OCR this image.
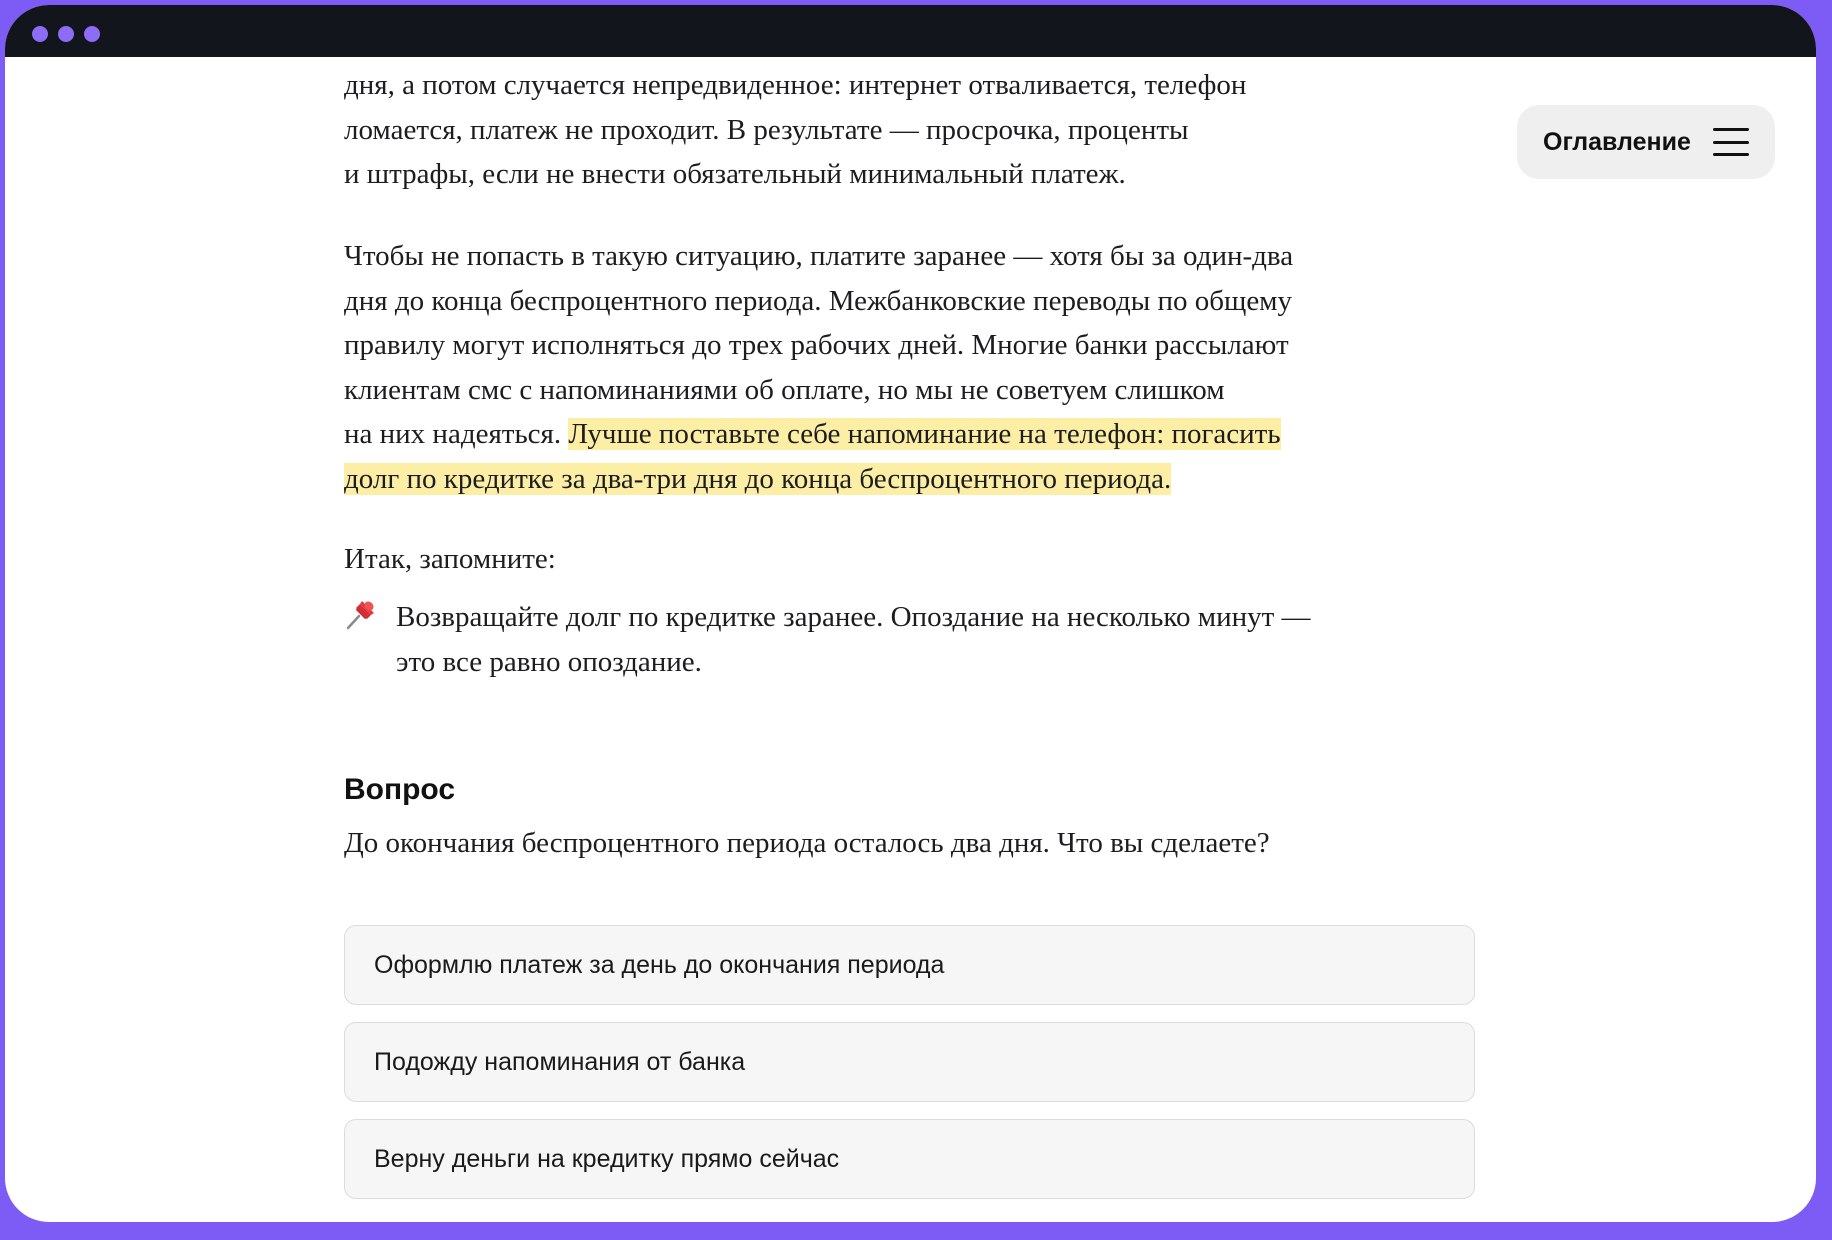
Оглавление

дня, а потом случается непредвиденное: интернет отваливается, телефон
ломается, платеж не проходит. В результате — просрочка, проценты
и штрафы, если не внести обязательный минимальный платеж.

Чтобы не попасть в такую ситуацию, платите заранее — хотя бы за один-два
дня до конца беспроцентного периода. Межбанковские переводы по общему
правилу могут исполняться до трех рабочих дней. Многие банки рассылают
клиентам смс с напоминаниями об оплате, но мы не советуем слишком
на них надеяться. Лучше поставьте себе напоминание на телефон: погасить
долг по кредитке за два-три дня до конца беспроцентного периода.

Итак, запомните:

Возвращайте долг по кредитке заранее. Опоздание на несколько минут —
это все равно опоздание.

Вопрос

До окончания беспроцентного периода осталось два дня. Что вы сделаете?

Оформлю платеж за день до окончания периода
Подожду напоминания от банка
Верну деньги на кредитку прямо сейчас
